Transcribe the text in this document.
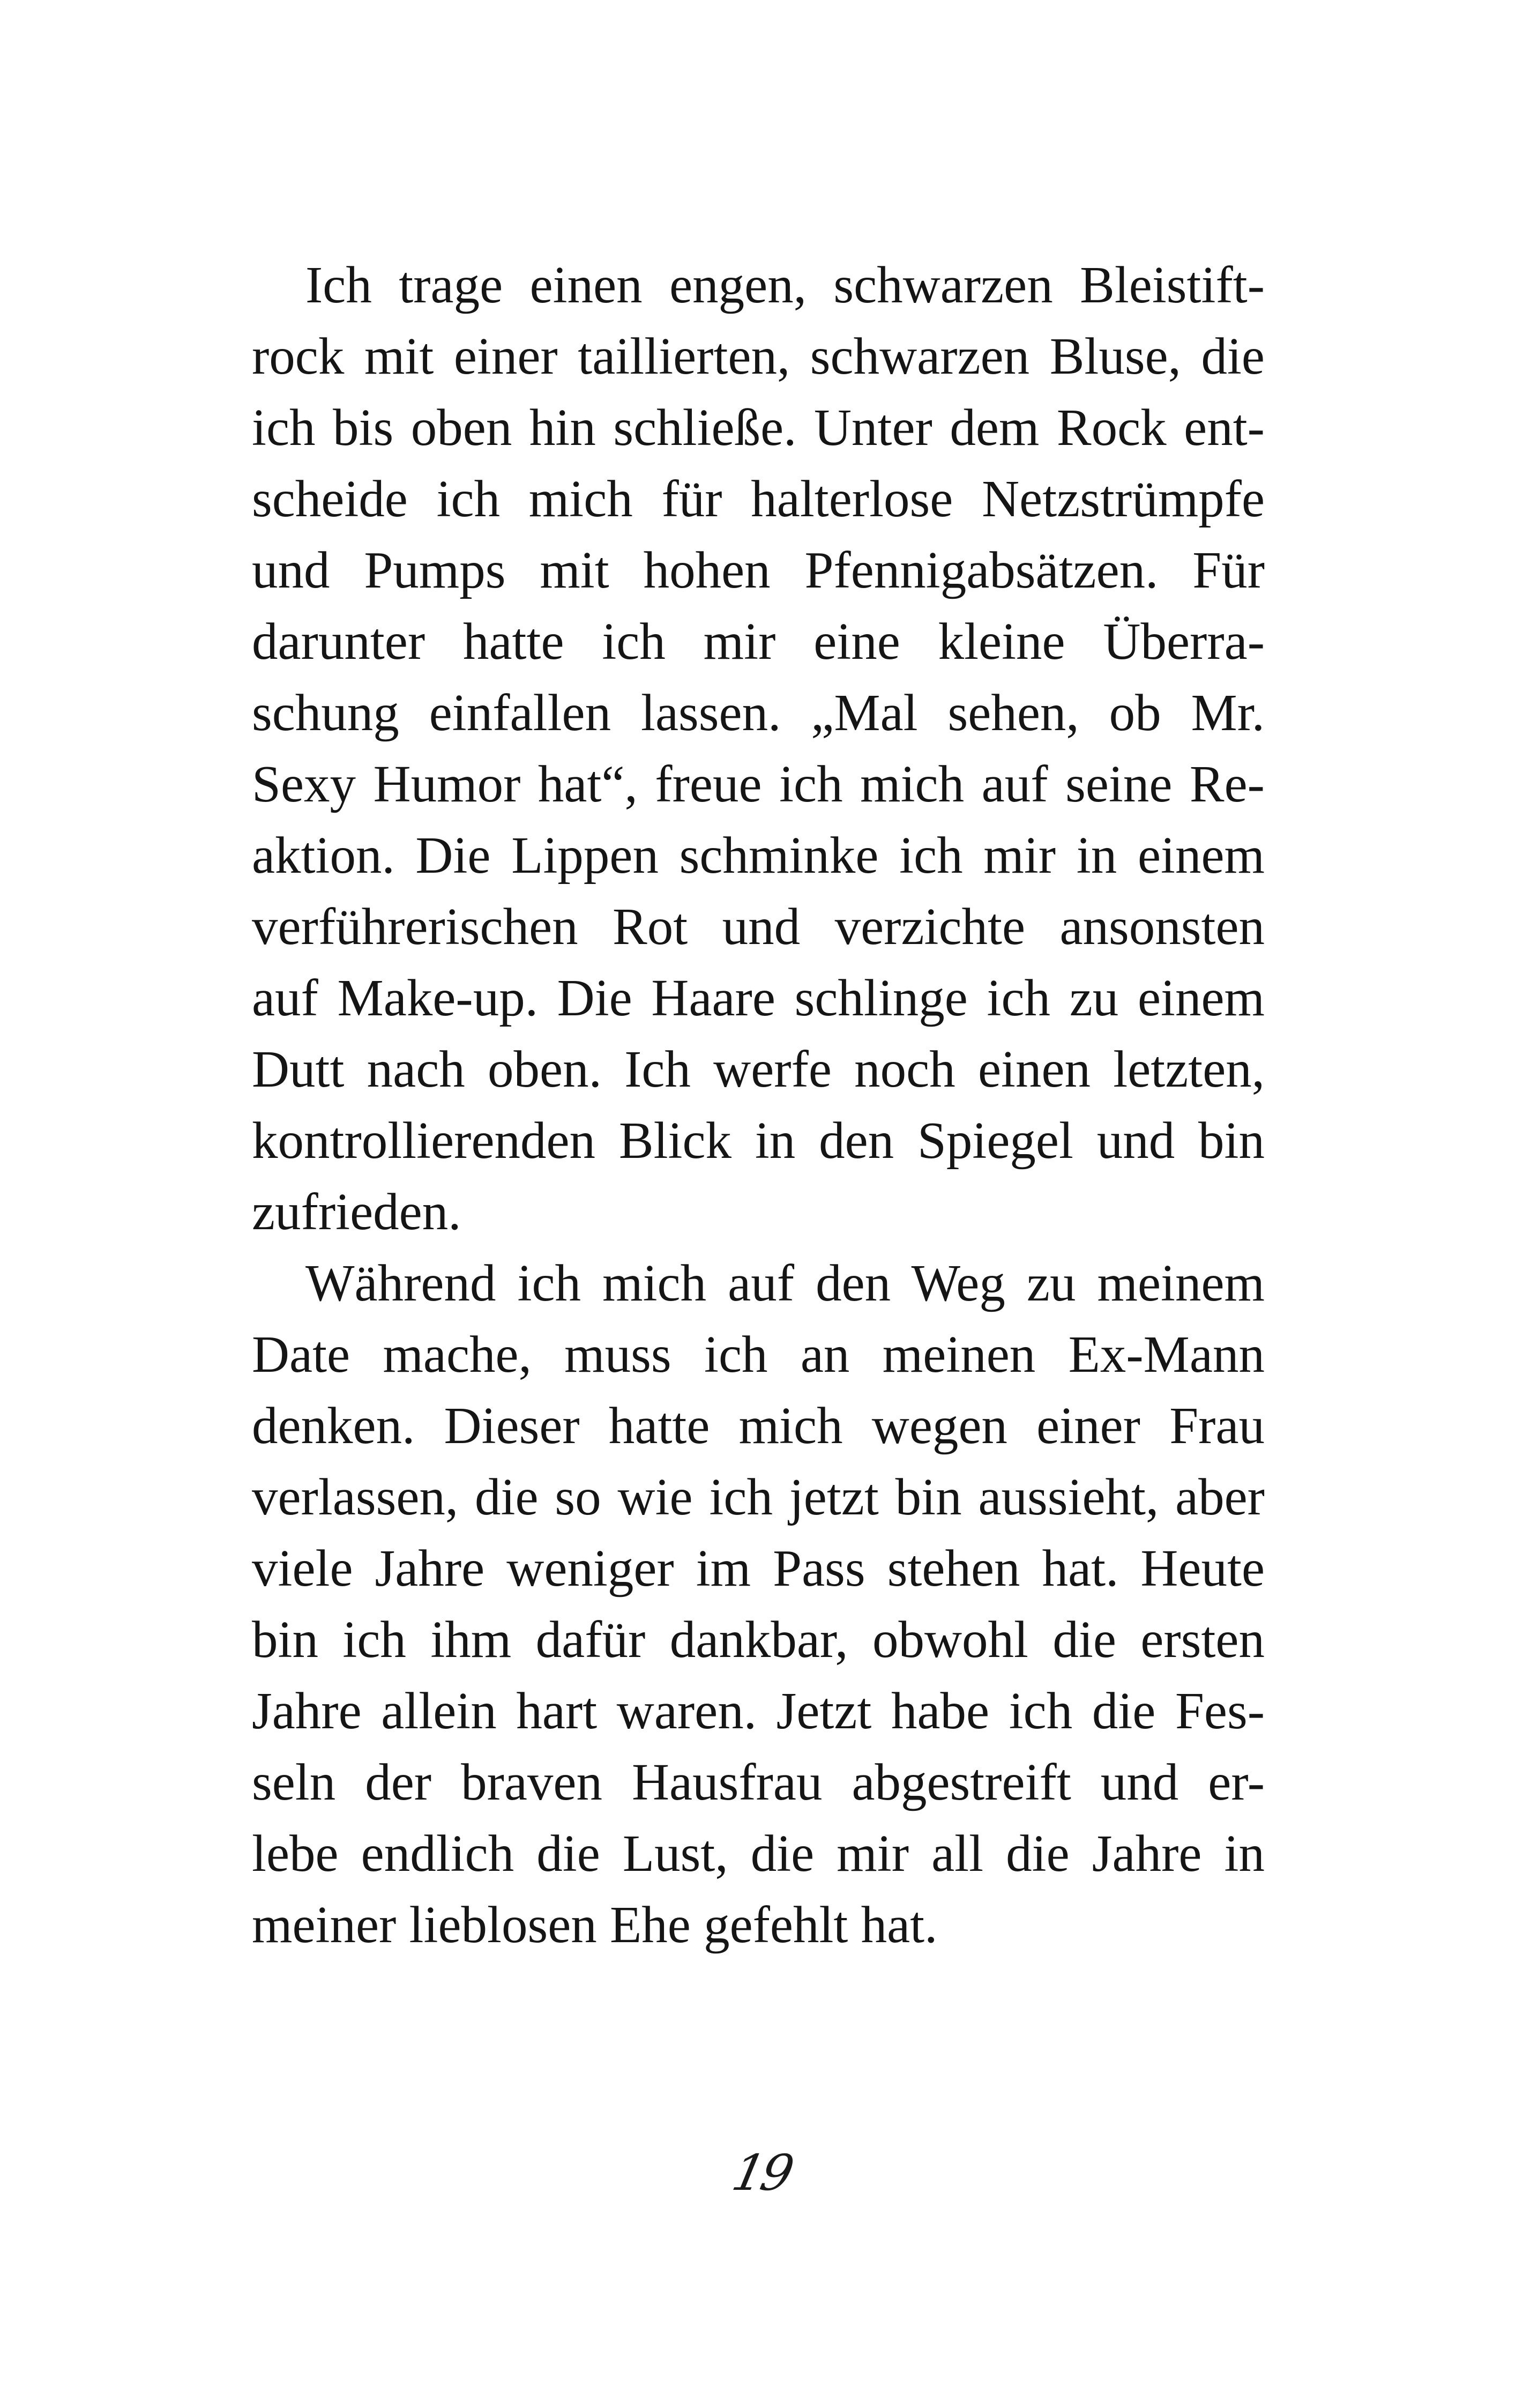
Ich trage einen engen, schwarzen Bleistift-
rock mit einer taillierten, schwarzen Bluse, die
ich bis oben hin schließe. Unter dem Rock ent-
scheide ich mich für halterlose Netzstrümpfe
und Pumps mit hohen Pfennigabsätzen. Für
darunter hatte ich mir eine kleine Überra-
schung einfallen lassen. „Mal sehen, ob Mr.
Sexy Humor hat“, freue ich mich auf seine Re-
aktion. Die Lippen schminke ich mir in einem
verführerischen Rot und verzichte ansonsten
auf Make-up. Die Haare schlinge ich zu einem
Dutt nach oben. Ich werfe noch einen letzten,
kontrollierenden Blick in den Spiegel und bin
zufrieden.
Während ich mich auf den Weg zu meinem
Date mache, muss ich an meinen Ex-Mann
denken. Dieser hatte mich wegen einer Frau
verlassen, die so wie ich jetzt bin aussieht, aber
viele Jahre weniger im Pass stehen hat. Heute
bin ich ihm dafür dankbar, obwohl die ersten
Jahre allein hart waren. Jetzt habe ich die Fes-
seln der braven Hausfrau abgestreift und er-
lebe endlich die Lust, die mir all die Jahre in
meiner lieblosen Ehe gefehlt hat.
19
